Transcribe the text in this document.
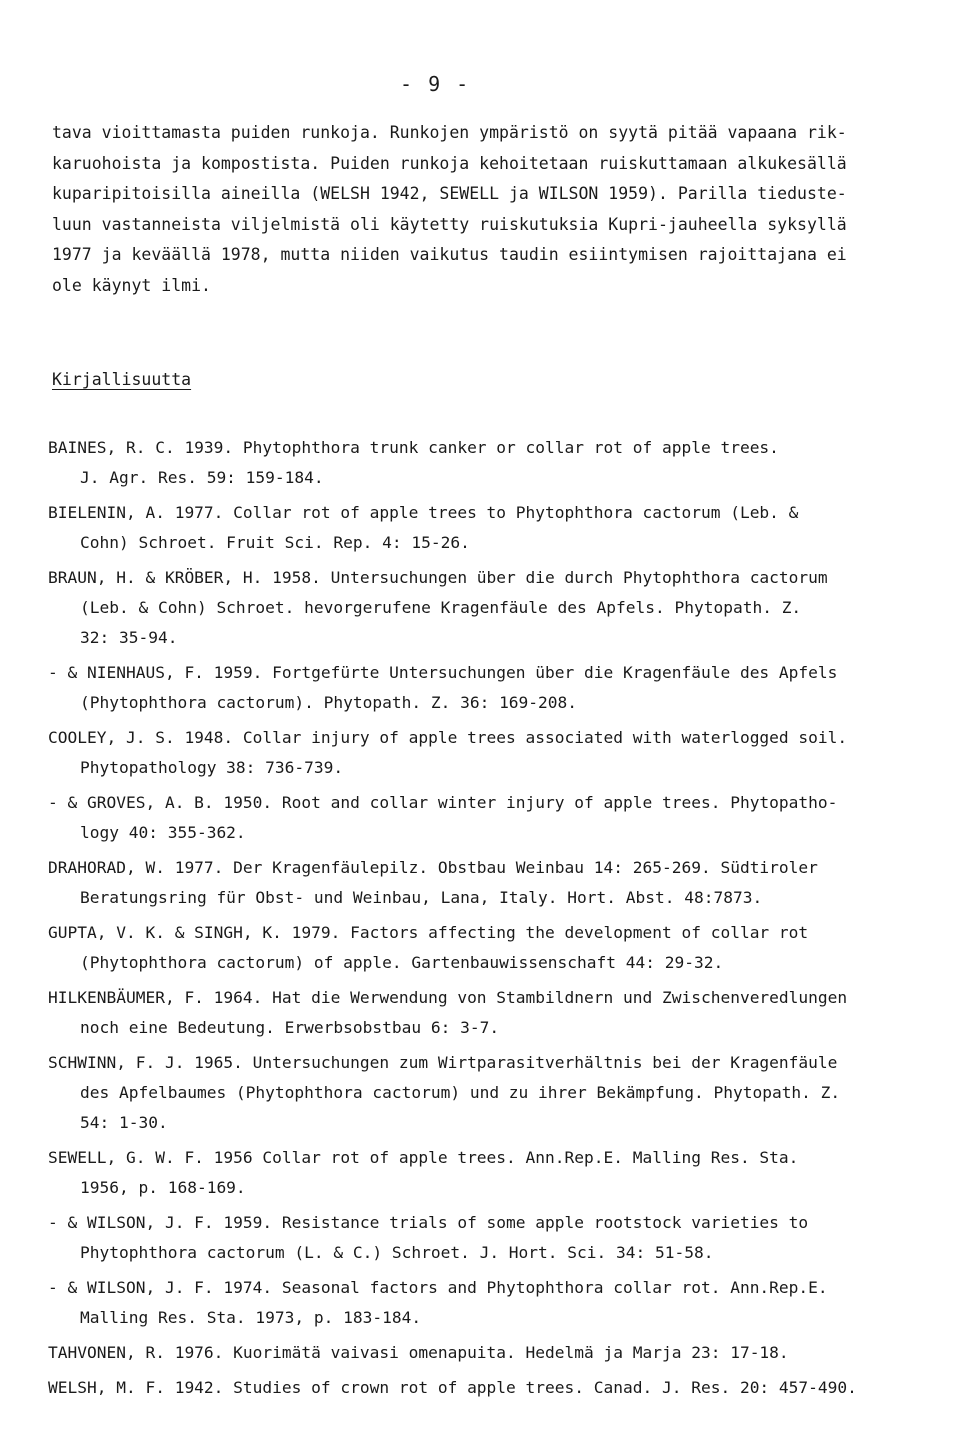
- 9 -
tava vioittamasta puiden runkoja. Runkojen ympäristö on syytä pitää vapaana rik-
karuohoista ja kompostista. Puiden runkoja kehoitetaan ruiskuttamaan alkukesällä
kuparipitoisilla aineilla (WELSH 1942, SEWELL ja WILSON 1959). Parilla tieduste-
luun vastanneista viljelmistä oli käytetty ruiskutuksia Kupri-jauheella syksyllä
1977 ja keväällä 1978, mutta niiden vaikutus taudin esiintymisen rajoittajana ei
ole käynyt ilmi.
Kirjallisuutta
BAINES, R. C. 1939. Phytophthora trunk canker or collar rot of apple trees.
J. Agr. Res. 59: 159-184.
BIELENIN, A. 1977. Collar rot of apple trees to Phytophthora cactorum (Leb. &
Cohn) Schroet. Fruit Sci. Rep. 4: 15-26.
BRAUN, H. & KRÖBER, H. 1958. Untersuchungen über die durch Phytophthora cactorum
(Leb. & Cohn) Schroet. hevorgerufene Kragenfäule des Apfels. Phytopath. Z.
32: 35-94.
- & NIENHAUS, F. 1959. Fortgefürte Untersuchungen über die Kragenfäule des Apfels
(Phytophthora cactorum). Phytopath. Z. 36: 169-208.
COOLEY, J. S. 1948. Collar injury of apple trees associated with waterlogged soil.
Phytopathology 38: 736-739.
- & GROVES, A. B. 1950. Root and collar winter injury of apple trees. Phytopatho-
logy 40: 355-362.
DRAHORAD, W. 1977. Der Kragenfäulepilz. Obstbau Weinbau 14: 265-269. Südtiroler
Beratungsring für Obst- und Weinbau, Lana, Italy. Hort. Abst. 48:7873.
GUPTA, V. K. & SINGH, K. 1979. Factors affecting the development of collar rot
(Phytophthora cactorum) of apple. Gartenbauwissenschaft 44: 29-32.
HILKENBÄUMER, F. 1964. Hat die Werwendung von Stambildnern und Zwischenveredlungen
noch eine Bedeutung. Erwerbsobstbau 6: 3-7.
SCHWINN, F. J. 1965. Untersuchungen zum Wirtparasitverhältnis bei der Kragenfäule
des Apfelbaumes (Phytophthora cactorum) und zu ihrer Bekämpfung. Phytopath. Z.
54: 1-30.
SEWELL, G. W. F. 1956 Collar rot of apple trees. Ann.Rep.E. Malling Res. Sta.
1956, p. 168-169.
- & WILSON, J. F. 1959. Resistance trials of some apple rootstock varieties to
Phytophthora cactorum (L. & C.) Schroet. J. Hort. Sci. 34: 51-58.
- & WILSON, J. F. 1974. Seasonal factors and Phytophthora collar rot. Ann.Rep.E.
Malling Res. Sta. 1973, p. 183-184.
TAHVONEN, R. 1976. Kuorimätä vaivasi omenapuita. Hedelmä ja Marja 23: 17-18.
WELSH, M. F. 1942. Studies of crown rot of apple trees. Canad. J. Res. 20: 457-490.
